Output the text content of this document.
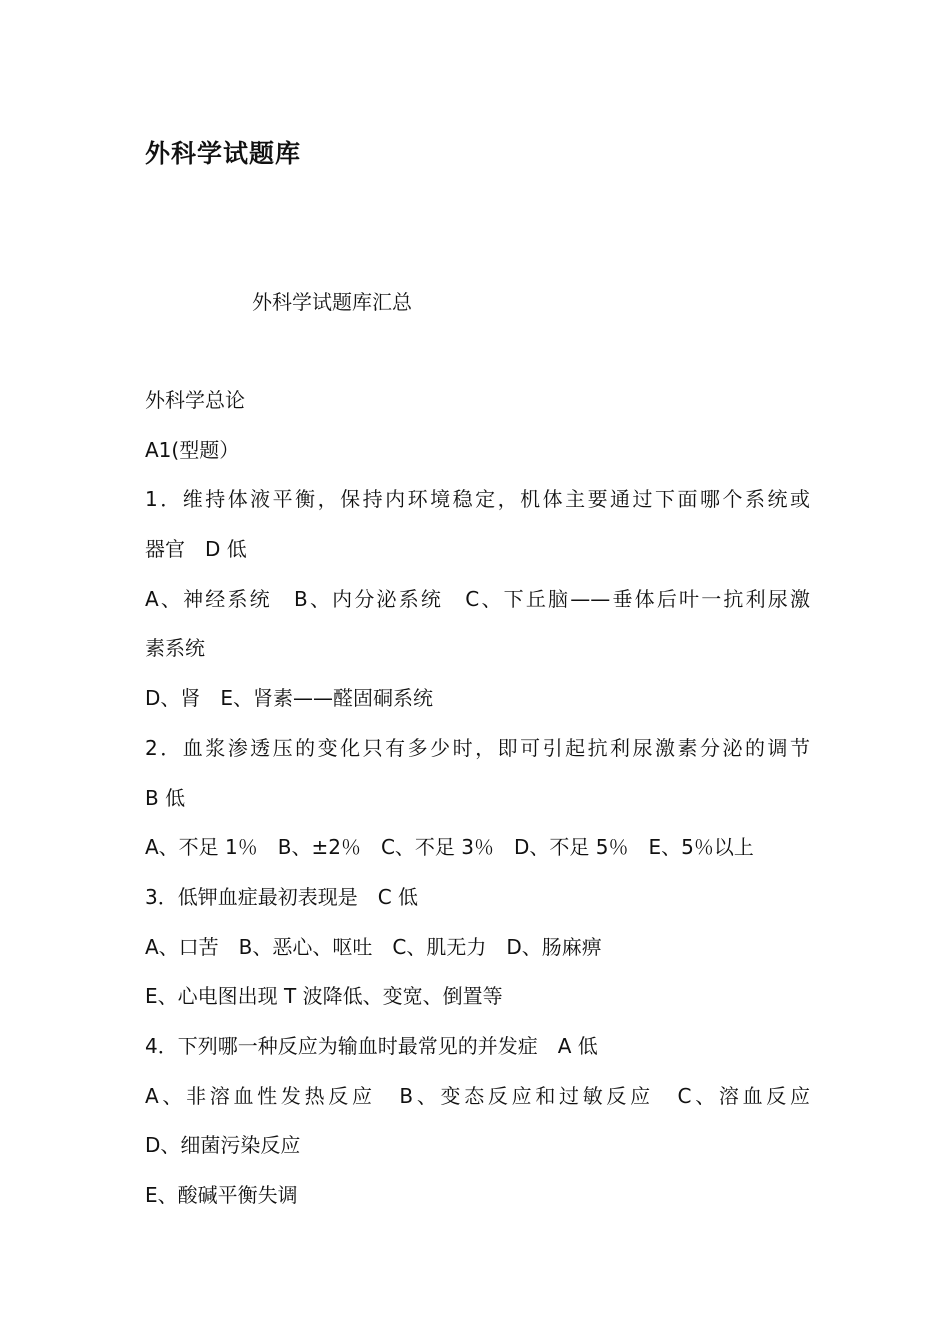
外科学试题库
外科学试题库汇总
外科学总论
A1(型题）
1．维持体液平衡，保持内环境稳定，机体主要通过下面哪个系统或
器官　D 低
A、神经系统　B、内分泌系统　C、下丘脑——垂体后叶一抗利尿激
素系统
D、肾　E、肾素——醛固硐系统
2．血浆渗透压的变化只有多少时，即可引起抗利尿激素分泌的调节
B 低
A、不足 1％　B、±2％　C、不足 3％　D、不足 5％　E、5％以上
3．低钾血症最初表现是　C 低
A、口苦　B、恶心、呕吐　C、肌无力　D、肠麻痹
E、心电图出现 T 波降低、变宽、倒置等
4．下列哪一种反应为输血时最常见的并发症　A 低
A、非溶血性发热反应　B、变态反应和过敏反应　C、溶血反应
D、细菌污染反应
E、酸碱平衡失调
